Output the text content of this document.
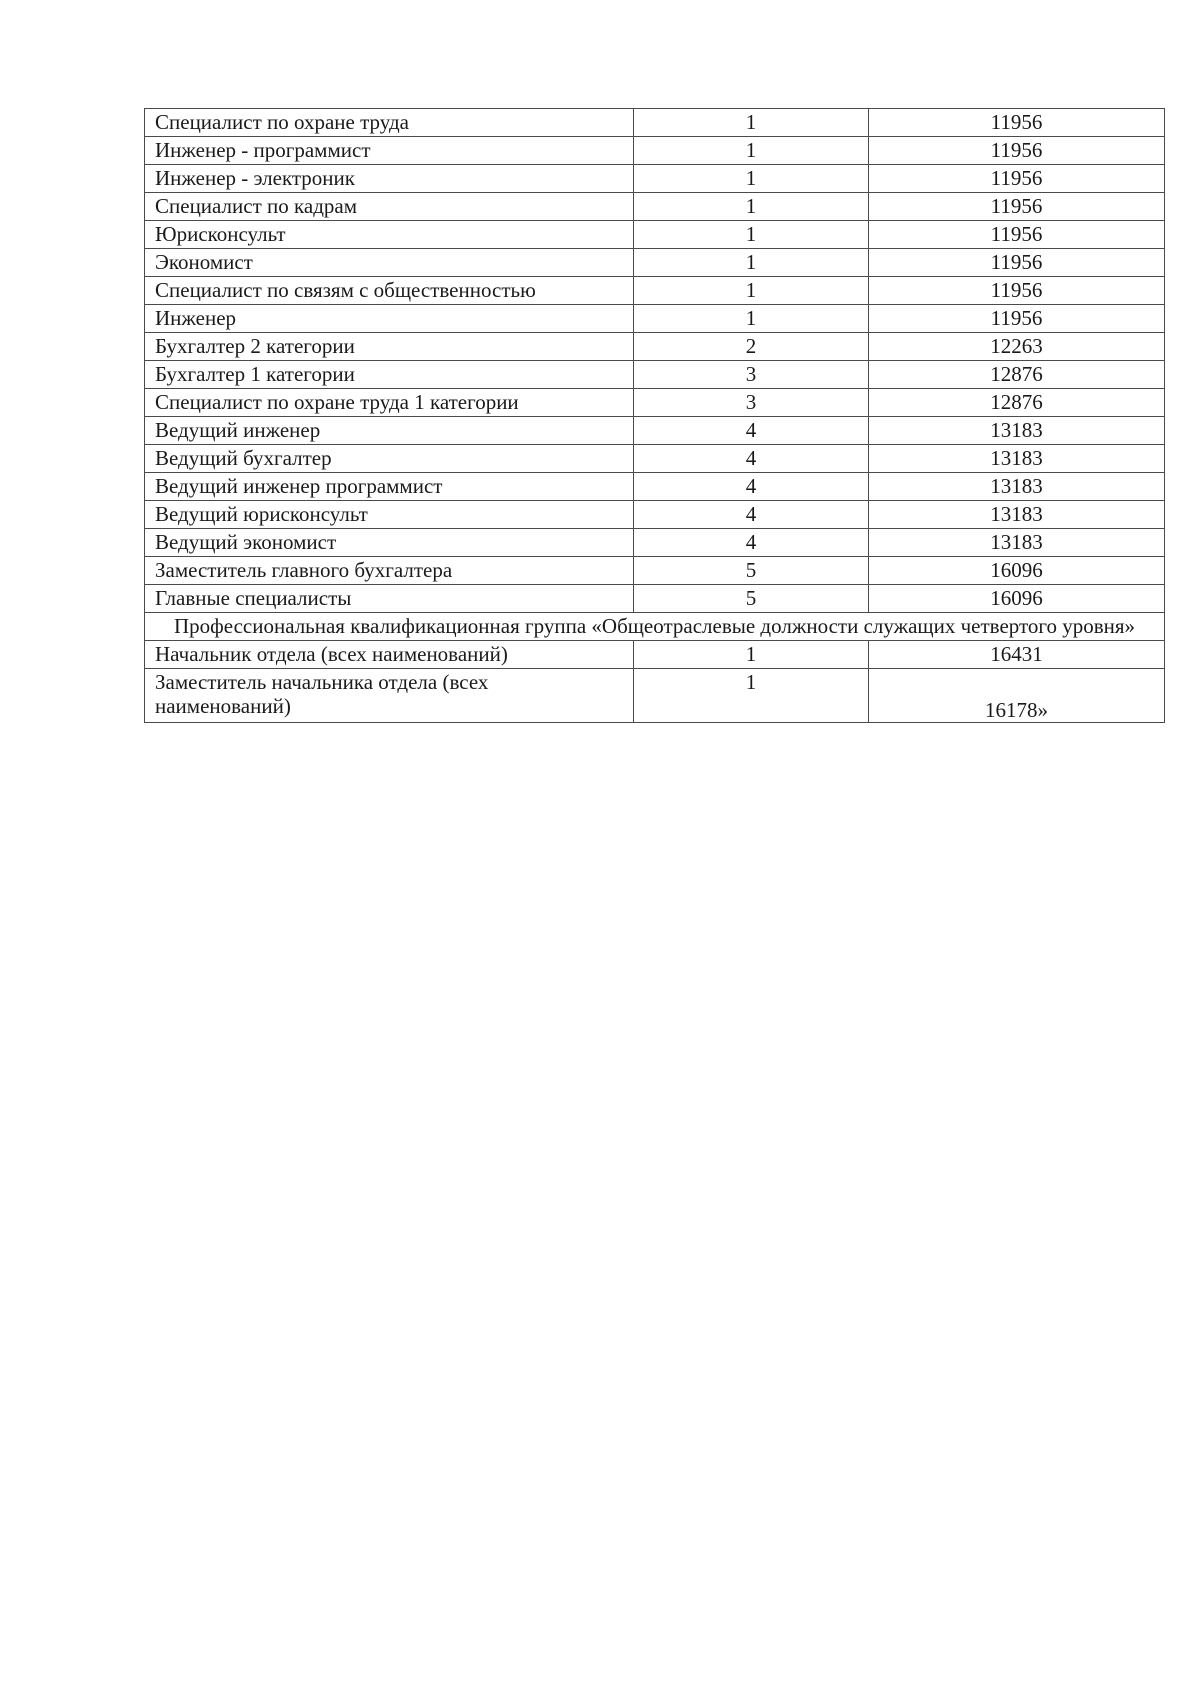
Специалист по охране труда	1	11956
Инженер - программист	1	11956
Инженер - электроник	1	11956
Специалист по кадрам	1	11956
Юрисконсульт	1	11956
Экономист	1	11956
Специалист по связям с общественностью	1	11956
Инженер	1	11956
Бухгалтер 2 категории	2	12263
Бухгалтер 1 категории	3	12876
Специалист по охране труда 1 категории	3	12876
Ведущий инженер	4	13183
Ведущий бухгалтер	4	13183
Ведущий инженер программист	4	13183
Ведущий юрисконсульт	4	13183
Ведущий экономист	4	13183
Заместитель главного бухгалтера	5	16096
Главные специалисты	5	16096
Профессиональная квалификационная группа «Общеотраслевые должности служащих четвертого уровня»		
Начальник отдела (всех наименований)	1	16431
Заместитель начальника отдела (всех наименований)	1	16178»
